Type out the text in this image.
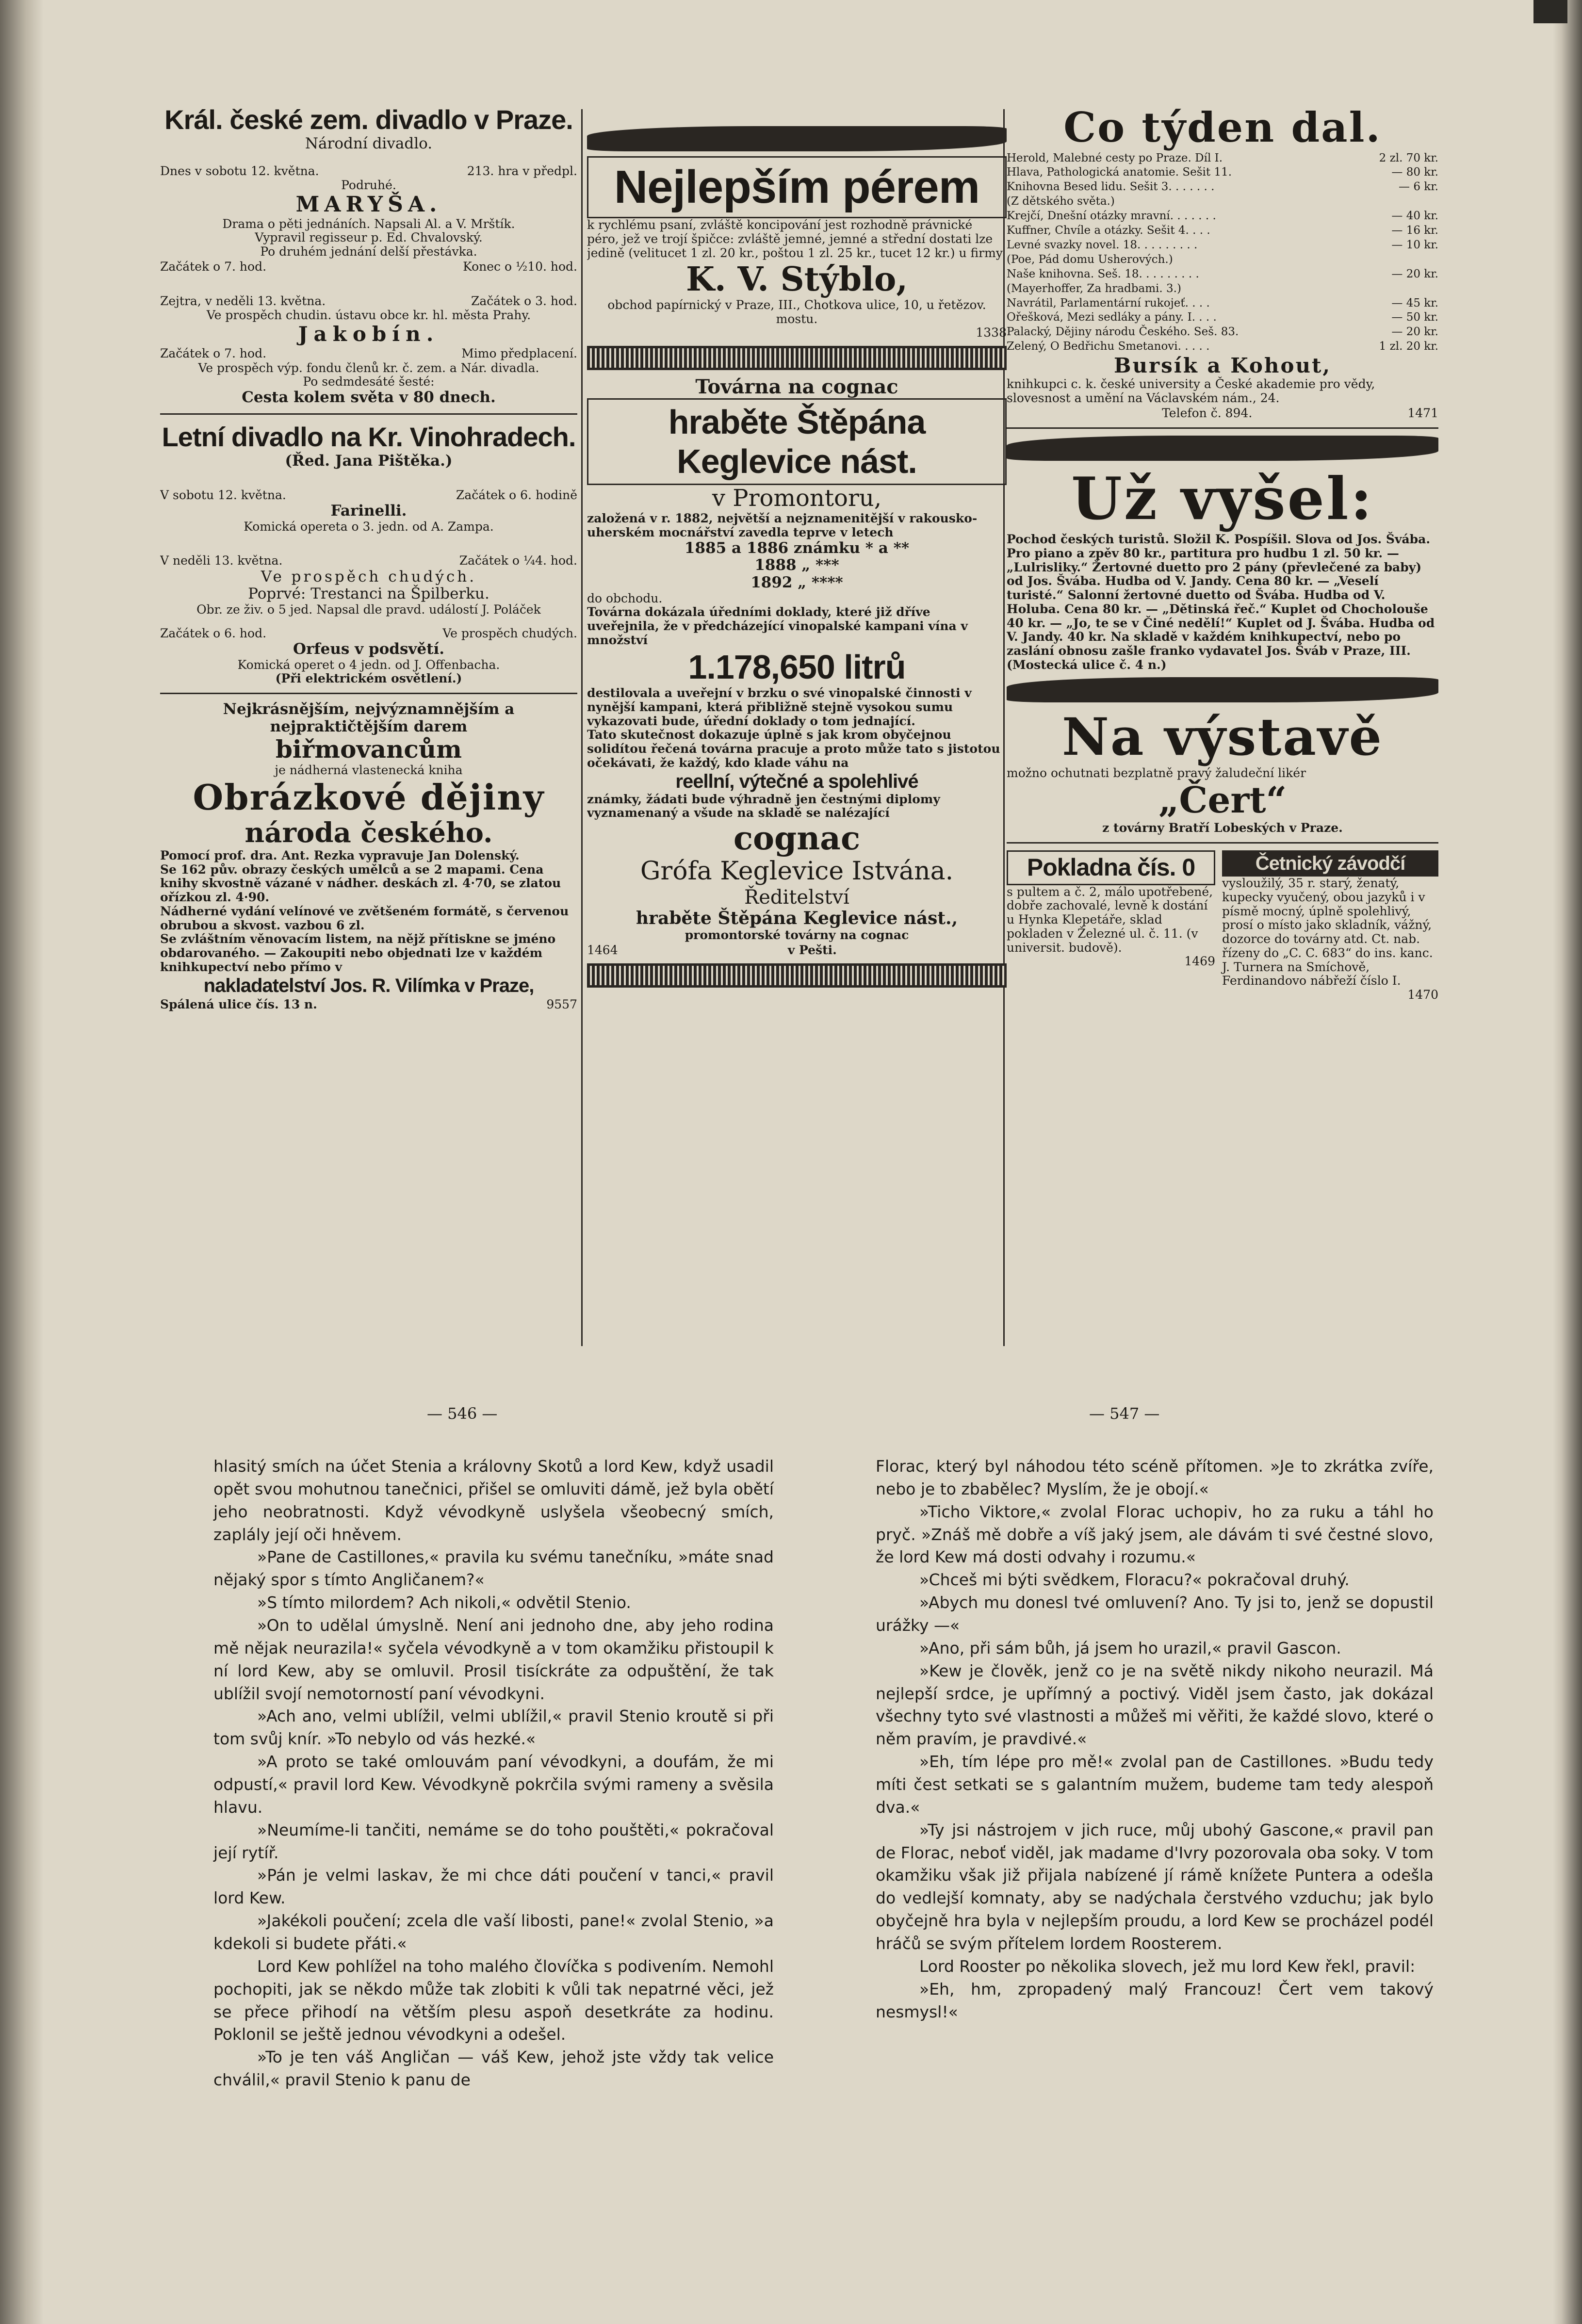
Král. české zem. divadlo v Praze.

Národní divadlo.

Dnes v sobotu 12. května.	213. hra v předpl.

Podruhé.

MARYŠA.

Drama o pěti jednáních. Napsali Al. a V. Mrštík.

Vypravil regisseur p. Ed. Chvalovský.

Po druhém jednání delší přestávka.

Začátek o 7. hod.	Konec o ½10. hod.
Zejtra, v neděli 13. května.	Začátek o 3. hod.

Ve prospěch chudin. ústavu obce kr. hl. města Prahy.

Jakobín.

Začátek o 7. hod.	Mimo předplacení.

Ve prospěch výp. fondu členů kr. č. zem. a Nár. divadla.

Po sedmdesáté šesté:

Cesta kolem světa v 80 dnech.

Letní divadlo na Kr. Vinohradech.

(Řed. Jana Pištěka.)

V sobotu 12. května.	Začátek o 6. hodině

Farinelli.

Komická opereta o 3. jedn. od A. Zampa.

V neděli 13. května.	Začátek o ¼4. hod.

Ve prospěch chudých.

Poprvé: Trestanci na Špilberku.

Obr. ze živ. o 5 jed. Napsal dle pravd. událostí J. Poláček

Začátek o 6. hod.	Ve prospěch chudých.

Orfeus v podsvětí.

Komická operet o 4 jedn. od J. Offenbacha.

(Při elektrickém osvětlení.)

Nejkrásnějším, nejvýznamnějším a nejpraktičtějším darem

biřmovancům

je nádherná vlastenecká kniha

Obrázkové dějiny

národa českého.

Pomocí prof. dra. Ant. Rezka vypravuje Jan Dolenský.

Se 162 pův. obrazy českých umělců a se 2 mapami. Cena knihy skvostně vázané v nádher. deskách zl. 4·70, se zlatou ořízkou zl. 4·90.

Nádherné vydání velínové ve zvětšeném formátě, s červenou obrubou a skvost. vazbou 6 zl.

Se zvláštním věnovacím listem, na nějž přítiskne se jméno obdarovaného. — Zakoupiti nebo objednati lze v každém knihkupectví nebo přímo v

nakladatelství Jos. R. Vilímka v Praze,

Spálená ulice čís. 13 n.	9557

Nejlepším pérem

k rychlému psaní, zvláště koncipování jest rozhodně právnické péro, jež ve trojí špičce: zvláště jemné, jemné a střední dostati lze jedině (velitucet 1 zl. 20 kr., poštou 1 zl. 25 kr., tucet 12 kr.) u firmy

K. V. Stýblo,

obchod papírnický v Praze, III., Chotkova ulice, 10, u řetězov. mostu.

1338

Továrna na cognac

hraběte Štěpána Keglevice nást.

v Promontoru,

založená v r. 1882, největší a nejznamenitější v rakousko-uherském mocnářství zavedla teprve v letech

1885 a 1886 známku * a **

1888 „ ***

1892 „ ****

do obchodu.

Továrna dokázala úředními doklady, které již dříve uveřejnila, že v předcházející vinopalské kampani vína v množství

1.178,650 litrů

destilovala a uveřejní v brzku o své vinopalské činnosti v nynější kampani, která přibližně stejně vysokou sumu vykazovati bude, úřední doklady o tom jednající.

Tato skutečnost dokazuje úplně s jak krom obyčejnou solidítou řečená továrna pracuje a proto může tato s jistotou očekávati, že každý, kdo klade váhu na

reellní, výtečné a spolehlivé

známky, žádati bude výhradně jen čestnými diplomy vyznamenaný a všude na skladě se nalézající

cognac

Grófa Keglevice Istvána.

Ředitelství

hraběte Štěpána Keglevice nást.,

promontorské továrny na cognac

1464	v Pešti.

Co týden dal.

Herold, Malebné cesty po Praze. Díl I.	2 zl. 70 kr.
Hlava, Pathologická anatomie. Sešit 11.	— 80 kr.
Knihovna Besed lidu. Sešit 3. . . . . . .	— 6 kr.
(Z dětského světa.)
Krejčí, Dnešní otázky mravní. . . . . . .	— 40 kr.
Kuffner, Chvíle a otázky. Sešit 4. . . .	— 16 kr.
Levné svazky novel. 18. . . . . . . . .	— 10 kr.
(Poe, Pád domu Usherových.)
Naše knihovna. Seš. 18. . . . . . . . .	— 20 kr.
(Mayerhoffer, Za hradbami. 3.)
Navrátil, Parlamentární rukojeť. . . .	— 45 kr.
Ořešková, Mezi sedláky a pány. I. . . .	— 50 kr.
Palacký, Dějiny národu Českého. Seš. 83.	— 20 kr.
Zelený, O Bedřichu Smetanovi. . . . .	1 zl. 20 kr.

Bursík a Kohout,

knihkupci c. k. české university a České akademie pro vědy, slovesnost a umění na Václavském nám., 24.

Telefon č. 894.	1471

Už vyšel:

Pochod českých turistů. Složil K. Pospíšil. Slova od Jos. Švába. Pro piano a zpěv 80 kr., partitura pro hudbu 1 zl. 50 kr. — „Lulrisliky.“ Žertovné duetto pro 2 pány (převlečené za baby) od Jos. Švába. Hudba od V. Jandy. Cena 80 kr. — „Veselí turisté.“ Salonní žertovné duetto od Švába. Hudba od V. Holuba. Cena 80 kr. — „Dětinská řeč.“ Kuplet od Chocholouše 40 kr. — „Jo, te se v Činé nedělí!“ Kuplet od J. Švába. Hudba od V. Jandy. 40 kr. Na skladě v každém knihkupectví, nebo po zaslání obnosu zašle franko vydavatel Jos. Šváb v Praze, III. (Mostecká ulice č. 4 n.)

Na výstavě

možno ochutnati bezplatně pravý žaludeční likér

„Čert“

z továrny Bratří Lobeských v Praze.

Pokladna čís. 0

s pultem a č. 2, málo upotřebené, dobře zachovalé, levně k dostání u Hynka Klepetáře, sklad pokladen v Železné ul. č. 11. (v universit. budově).

1469

Četnický závodčí

vysloužilý, 35 r. starý, ženatý, kupecky vyučený, obou jazyků i v písmě mocný, úplně spolehlivý, prosí o místo jako skladník, vážný, dozorce do továrny atd. Ct. nab. řízeny do „C. C. 683“ do ins. kanc. J. Turnera na Smíchově, Ferdinandovo nábřeží číslo I.

1470

— 546 —	— 547 —

hlasitý smích na účet Stenia a královny Skotů a lord Kew, když usadil opět svou mohutnou tanečnici, přišel se omluviti dámě, jež byla obětí jeho neobratnosti. Když vévodkyně uslyšela všeobecný smích, zaplály její oči hněvem.

»Pane de Castillones,« pravila ku svému tanečníku, »máte snad nějaký spor s tímto Angličanem?«

»S tímto milordem? Ach nikoli,« odvětil Stenio.

»On to udělal úmyslně. Není ani jednoho dne, aby jeho rodina mě nějak neurazila!« syčela vévodkyně a v tom okamžiku přistoupil k ní lord Kew, aby se omluvil. Prosil tisíckráte za odpuštění, že tak ublížil svojí nemotorností paní vévodkyni.

»Ach ano, velmi ublížil, velmi ublížil,« pravil Stenio kroutě si při tom svůj knír. »To nebylo od vás hezké.«

»A proto se také omlouvám paní vévodkyni, a doufám, že mi odpustí,« pravil lord Kew. Vévodkyně pokrčila svými rameny a svěsila hlavu.

»Neumíme-li tančiti, nemáme se do toho pouštěti,« pokračoval její rytíř.

»Pán je velmi laskav, že mi chce dáti poučení v tanci,« pravil lord Kew.

»Jakékoli poučení; zcela dle vaší libosti, pane!« zvolal Stenio, »a kdekoli si budete přáti.«

Lord Kew pohlížel na toho malého človíčka s podivením. Nemohl pochopiti, jak se někdo může tak zlobiti k vůli tak nepatrné věci, jež se přece přihodí na větším plesu aspoň desetkráte za hodinu. Poklonil se ještě jednou vévodkyni a odešel.

»To je ten váš Angličan — váš Kew, jehož jste vždy tak velice chválil,« pravil Stenio k panu de

Florac, který byl náhodou této scéně přítomen. »Je to zkrátka zvíře, nebo je to zbabělec? Myslím, že je obojí.«

»Ticho Viktore,« zvolal Florac uchopiv, ho za ruku a táhl ho pryč. »Znáš mě dobře a víš jaký jsem, ale dávám ti své čestné slovo, že lord Kew má dosti odvahy i rozumu.«

»Chceš mi býti svědkem, Floracu?« pokračoval druhý.

»Abych mu donesl tvé omluvení? Ano. Ty jsi to, jenž se dopustil urážky —«

»Ano, při sám bůh, já jsem ho urazil,« pravil Gascon.

»Kew je člověk, jenž co je na světě nikdy nikoho neurazil. Má nejlepší srdce, je upřímný a poctivý. Viděl jsem často, jak dokázal všechny tyto své vlastnosti a můžeš mi věřiti, že každé slovo, které o něm pravím, je pravdivé.«

»Eh, tím lépe pro mě!« zvolal pan de Castillones. »Budu tedy míti čest setkati se s galantním mužem, budeme tam tedy alespoň dva.«

»Ty jsi nástrojem v jich ruce, můj ubohý Gascone,« pravil pan de Florac, neboť viděl, jak madame d'Ivry pozorovala oba soky. V tom okamžiku však již přijala nabízené jí rámě knížete Puntera a odešla do vedlejší komnaty, aby se nadýchala čerstvého vzduchu; jak bylo obyčejně hra byla v nejlepším proudu, a lord Kew se procházel podél hráčů se svým přítelem lordem Roosterem.

Lord Rooster po několika slovech, jež mu lord Kew řekl, pravil:

»Eh, hm, zpropadený malý Francouz! Čert vem takový nesmysl!«
